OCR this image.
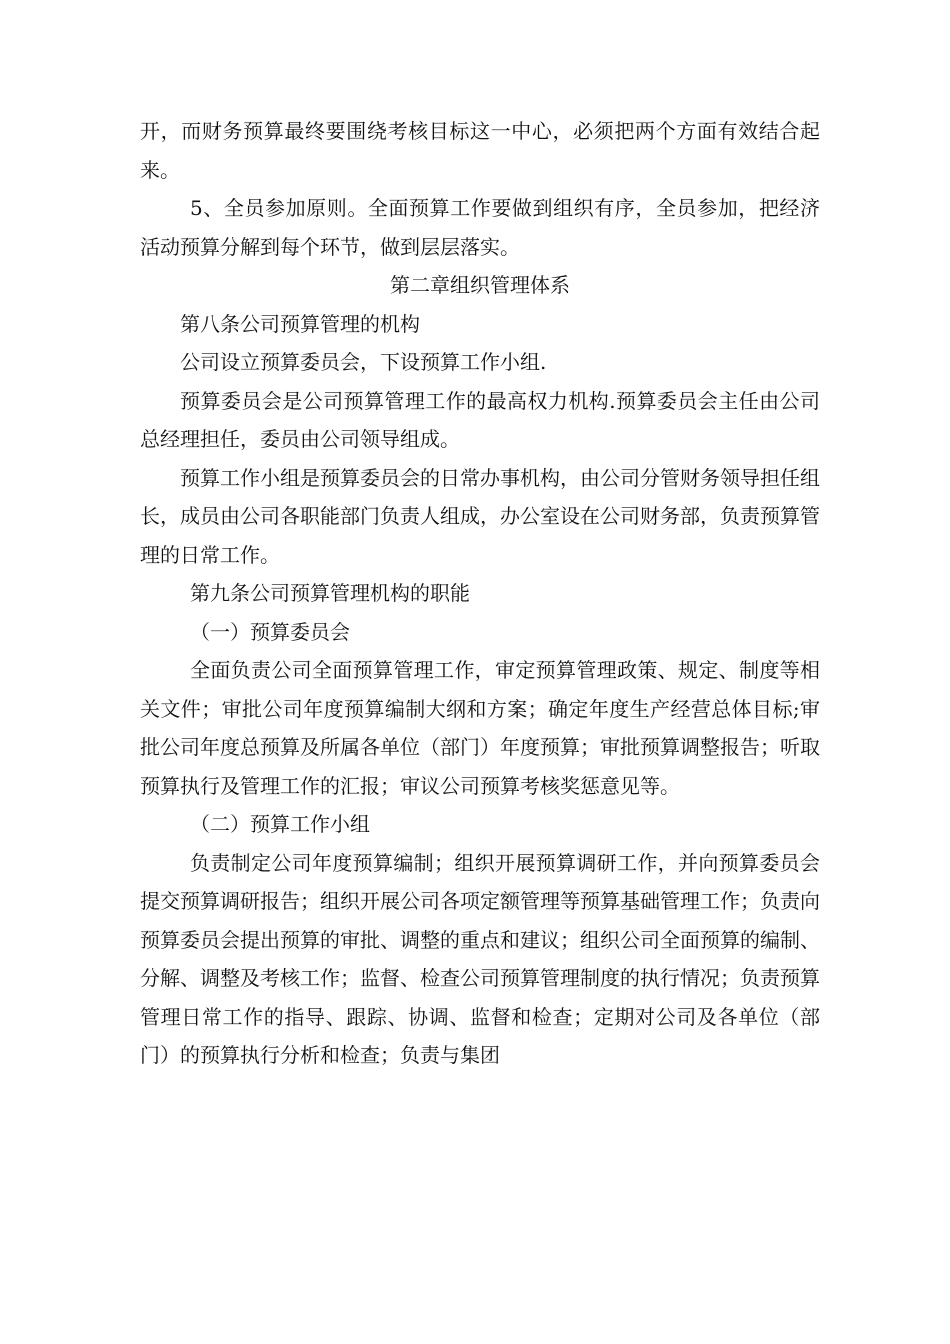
开，而财务预算最终要围绕考核目标这一中心，必须把两个方面有效结合起来。

5、全员参加原则。全面预算工作要做到组织有序，全员参加，把经济活动预算分解到每个环节，做到层层落实。

第二章组织管理体系

第八条公司预算管理的机构

公司设立预算委员会，下设预算工作小组.

预算委员会是公司预算管理工作的最高权力机构.预算委员会主任由公司总经理担任，委员由公司领导组成。

预算工作小组是预算委员会的日常办事机构，由公司分管财务领导担任组长，成员由公司各职能部门负责人组成，办公室设在公司财务部，负责预算管理的日常工作。

第九条公司预算管理机构的职能

（一）预算委员会

全面负责公司全面预算管理工作，审定预算管理政策、规定、制度等相关文件；审批公司年度预算编制大纲和方案；确定年度生产经营总体目标;审批公司年度总预算及所属各单位（部门）年度预算；审批预算调整报告；听取预算执行及管理工作的汇报；审议公司预算考核奖惩意见等。

（二）预算工作小组

负责制定公司年度预算编制；组织开展预算调研工作，并向预算委员会提交预算调研报告；组织开展公司各项定额管理等预算基础管理工作；负责向预算委员会提出预算的审批、调整的重点和建议；组织公司全面预算的编制、分解、调整及考核工作；监督、检查公司预算管理制度的执行情况；负责预算管理日常工作的指导、跟踪、协调、监督和检查；定期对公司及各单位（部门）的预算执行分析和检查；负责与集团
